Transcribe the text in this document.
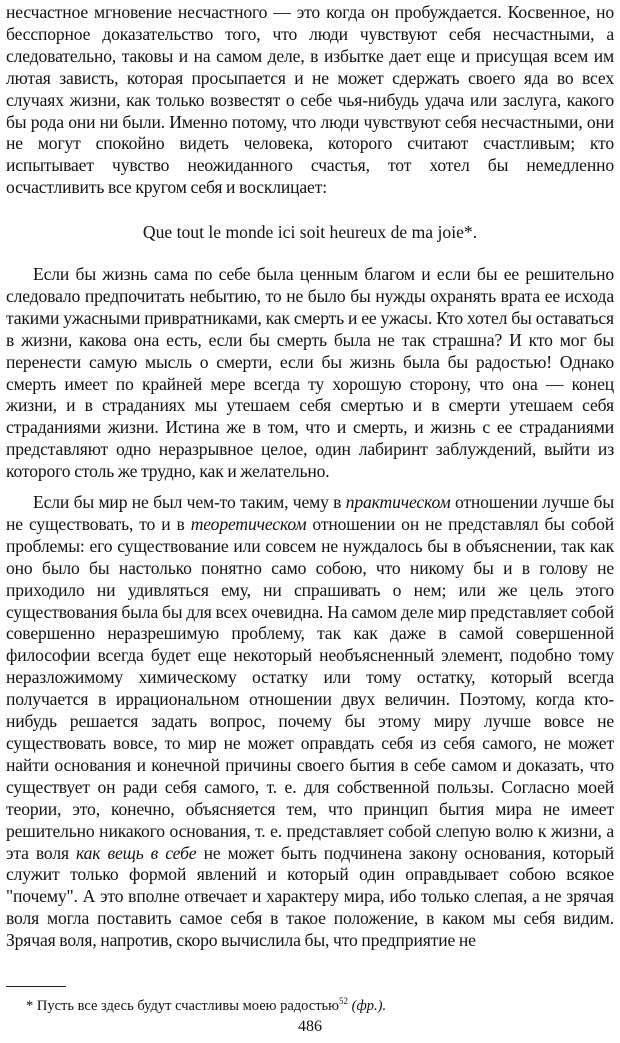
несчастное мгновение несчастного — это когда он пробуждается. Косвенное, но бесспорное доказательство того, что люди чувствуют себя несчастными, а следовательно, таковы и на самом деле, в избытке дает еще и присущая всем им лютая зависть, которая просыпается и не может сдержать своего яда во всех случаях жизни, как только возвестят о себе чья-нибудь удача или заслуга, какого бы рода они ни были. Именно потому, что люди чувствуют себя несчастными, они не могут спокойно видеть человека, которого считают счастливым; кто испытывает чувство неожиданного счастья, тот хотел бы немедленно осчастливить все кругом себя и восклицает:

Que tout le monde ici soit heureux de ma joie*.

Если бы жизнь сама по себе была ценным благом и если бы ее решительно следовало предпочитать небытию, то не было бы нужды охранять врата ее исхода такими ужасными привратниками, как смерть и ее ужасы. Кто хотел бы оставаться в жизни, какова она есть, если бы смерть была не так страшна? И кто мог бы перенести самую мысль о смерти, если бы жизнь была бы радостью! Однако смерть имеет по крайней мере всегда ту хорошую сторону, что она — конец жизни, и в страданиях мы утешаем себя смертью и в смерти утешаем себя страданиями жизни. Истина же в том, что и смерть, и жизнь с ее страданиями представляют одно неразрывное целое, один лабиринт заблуждений, выйти из которого столь же трудно, как и желательно.

Если бы мир не был чем-то таким, чему в практическом отношении лучше бы не существовать, то и в теоретическом отношении он не представлял бы собой проблемы: его существование или совсем не нуждалось бы в объяснении, так как оно было бы настолько понятно само собою, что никому бы и в голову не приходило ни удивляться ему, ни спрашивать о нем; или же цель этого существования была бы для всех очевидна. На самом деле мир представляет собой совершенно неразрешимую проблему, так как даже в самой совершенной философии всегда будет еще некоторый необъясненный элемент, подобно тому неразложимому химическому остатку или тому остатку, который всегда получается в иррациональном отношении двух величин. Поэтому, когда кто-нибудь решается задать вопрос, почему бы этому миру лучше вовсе не существовать вовсе, то мир не может оправдать себя из себя самого, не может найти основания и конечной причины своего бытия в себе самом и доказать, что существует он ради себя самого, т. е. для собственной пользы. Согласно моей теории, это, конечно, объясняется тем, что принцип бытия мира не имеет решительно никакого основания, т. е. представляет собой слепую волю к жизни, а эта воля как вещь в себе не может быть подчинена закону основания, который служит только формой явлений и который один оправдывает собою всякое "почему". А это вполне отвечает и характеру мира, ибо только слепая, а не зрячая воля могла поставить самое себя в такое положение, в каком мы себя видим. Зрячая воля, напротив, скоро вычислила бы, что предприятие не

* Пусть все здесь будут счастливы моею радостью$^{52}$ (фр.).

486
